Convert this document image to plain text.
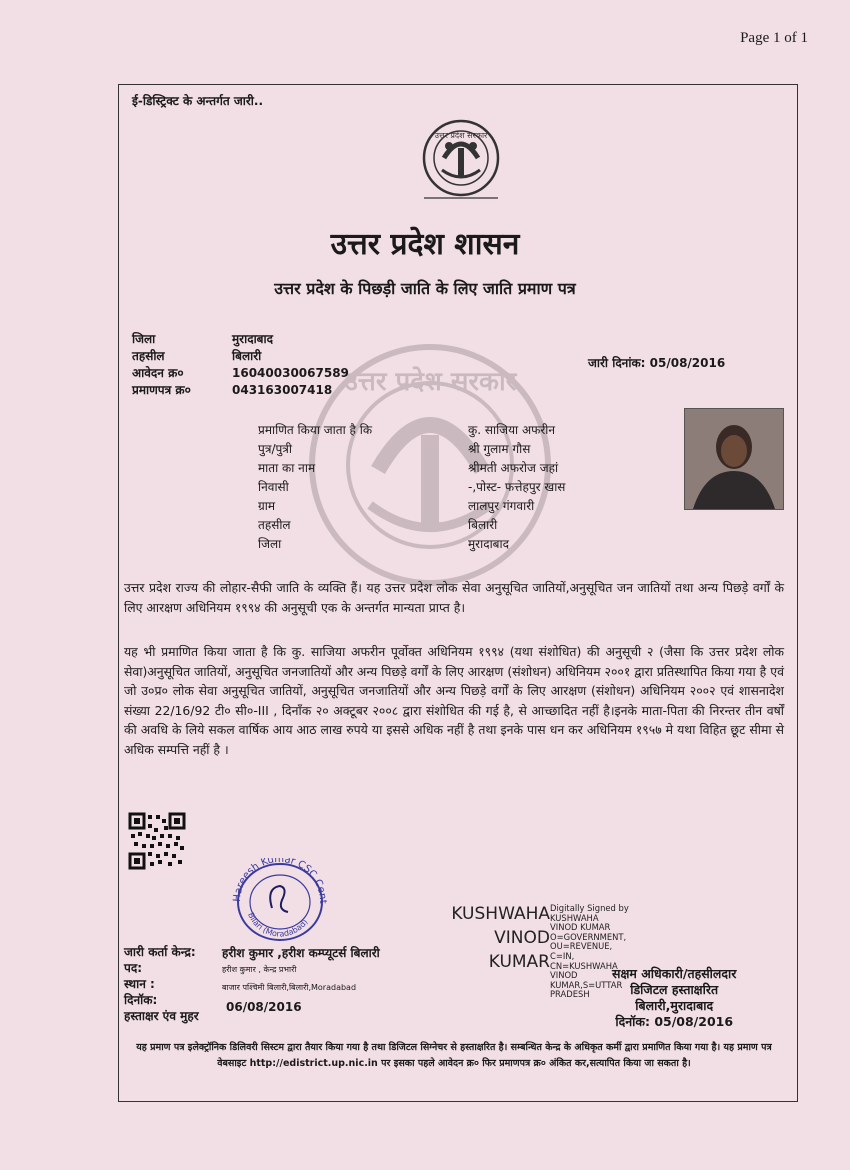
Page 1 of 1
ई-डिस्ट्रिक्ट के अन्तर्गत जारी..
उत्तर प्रदेश सरकार
उत्तर प्रदेश सरकार
उत्तर प्रदेश शासन
उत्तर प्रदेश के पिछड़ी जाति के लिए जाति प्रमाण पत्र
जिला
तहसील
आवेदन क्र०
प्रमाणपत्र क्र०
मुरादाबाद
बिलारी
16040030067589
043163007418
जारी दिनांक: 05/08/2016
प्रमाणित किया जाता है कि
पुत्र/पुत्री
माता का नाम
निवासी
ग्राम
तहसील
जिला
कु. साजिया अफरीन
श्री गुलाम गौस
श्रीमती अफरोज जहां
-,पोस्ट- फत्तेहपुर खास
लालपुर गंगवारी
बिलारी
मुरादाबाद
उत्तर प्रदेश राज्य की लोहार-सैफी जाति के व्यक्ति हैं। यह उत्तर प्रदेश लोक सेवा अनुसूचित जातियों,अनुसूचित जन जातियों तथा अन्य पिछड़े वर्गों के लिए आरक्षण अधिनियम १९९४ की अनुसूची एक के अन्तर्गत मान्यता प्राप्त है।
यह भी प्रमाणित किया जाता है कि कु. साजिया अफरीन पूर्वोक्त अधिनियम १९९४ (यथा संशोधित) की अनुसूची २ (जैसा कि उत्तर प्रदेश लोक सेवा)अनुसूचित जातियों, अनुसूचित जनजातियों और अन्य पिछड़े वर्गों के लिए आरक्षण (संशोधन) अधिनियम २००१ द्वारा प्रतिस्थापित किया गया है एवं जो उ०प्र० लोक सेवा अनुसूचित जातियों, अनुसूचित जनजातियों और अन्य पिछड़े वर्गों के लिए आरक्षण (संशोधन) अधिनियम २००२ एवं शासनादेश संख्या 22/16/92 टी० सी०-III , दिनाँक २० अक्टूबर २००८ द्वारा संशोधित की गई है, से आच्छादित नहीं है।इनके माता-पिता की निरन्तर तीन वर्षों की अवधि के लिये सकल वार्षिक आय आठ लाख रुपये या इससे अधिक नहीं है तथा इनके पास धन कर अधिनियम १९५७ मे यथा विहित छूट सीमा से अधिक सम्पत्ति नहीं है ।
Hareesh Kumar CSC Cent
Bilari (Moradabad)	KUSHWAHA
VINOD
KUMAR
Digitally Signed by
KUSHWAHA
VINOD KUMAR
O=GOVERNMENT,
OU=REVENUE,
C=IN,
CN=KUSHWAHA
VINOD
KUMAR,S=UTTAR
PRADESH
जारी कर्ता केन्द्र:
पद:
स्थान :
दिनॉक:
हस्ताक्षर एंव मुहर
हरीश कुमार ,हरीश कम्प्यूटर्स बिलारी
हरीश कुमार , केन्द्र प्रभारी
बाजार पश्चिमी बिलारी,बिलारी,Moradabad
06/08/2016
सक्षम अधिकारी/तहसीलदार
डिजिटल हस्ताक्षरित
बिलारी,मुरादाबाद
दिनॉक: 05/08/2016
यह प्रमाण पत्र इलेक्ट्रॉनिक डिलिवरी सिस्टम द्वारा तैयार किया गया है तथा डिजिटल सिग्नेचर से हस्ताक्षरित है। सम्बन्धित केन्द्र के अधिकृत कर्मी द्वारा प्रमाणित किया गया है। यह प्रमाण पत्र वेबसाइट http://edistrict.up.nic.in पर इसका पहले आवेदन क्र० फिर प्रमाणपत्र क्र० अंकित कर,सत्यापित किया जा सकता है।
